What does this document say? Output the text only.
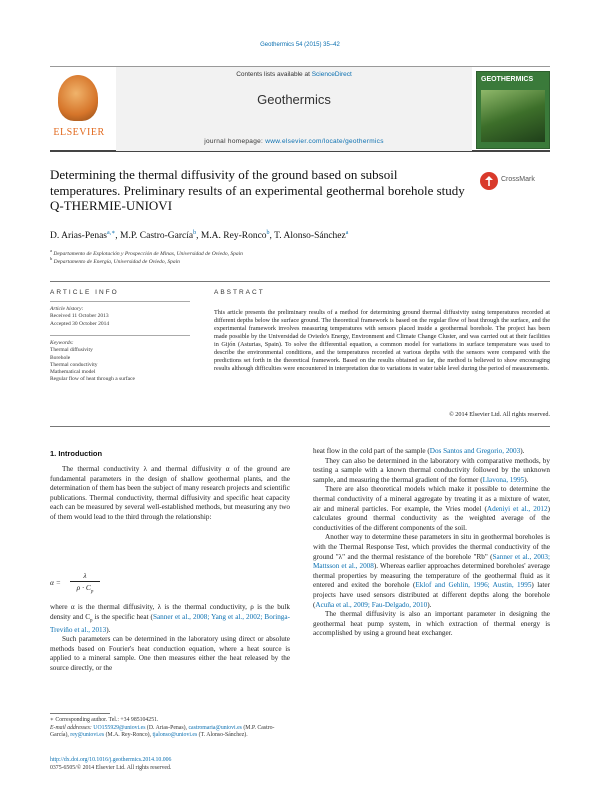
Geothermics 54 (2015) 35–42
ELSEVIER
Contents lists available at ScienceDirect
Geothermics
journal homepage: www.elsevier.com/locate/geothermics
GEOTHERMICS
Determining the thermal diffusivity of the ground based on subsoil temperatures. Preliminary results of an experimental geothermal borehole study Q-THERMIE-UNIOVI
CrossMark
D. Arias-Penas$^{a,∗}$, M.P. Castro-García$^b$, M.A. Rey-Ronco$^b$, T. Alonso-Sánchez$^a$
$^a$ Departamento de Explotación y Prospección de Minas, Universidad de Oviedo, Spain
$^b$ Departamento de Energía, Universidad de Oviedo, Spain
ARTICLE INFO	ABSTRACT
Article history:
Received 11 October 2013
Accepted 30 October 2014
Keywords:
Thermal diffusivity
Borehole
Thermal conductivity
Mathematical model
Regular flow of heat through a surface
This article presents the preliminary results of a method for determining ground thermal diffusivity using temperatures recorded at different depths below the surface ground. The theoretical framework is based on the regular flow of heat through the surface, and the experimental framework involves measuring temperatures with sensors placed inside a geothermal borehole. The project has been made possible by the Universidad de Oviedo's Energy, Environment and Climate Change Cluster, and was carried out at their facilities in Gijón (Asturias, Spain). To solve the differential equation, a common model for variations in surface temperature was used to describe the environmental conditions, and the temperatures recorded at various depths with the sensors were compared with the predictions set forth in the theoretical framework. Based on the results obtained so far, the method is believed to show encouraging results although difficulties were encountered in interpretation due to variations in water table level during the period of measurements.
© 2014 Elsevier Ltd. All rights reserved.
1. Introduction

The thermal conductivity λ and thermal diffusivity α of the ground are fundamental parameters in the design of shallow geothermal plants, and the determination of them has been the subject of many research projects and scientific publications. Thermal conductivity, thermal diffusivity and specific heat capacity each can be measured by several well-established methods, but measuring any two of them would lead to the third through the relationship:

α =
λ
$\rho \cdot C_p$

where α is the thermal diffusivity, λ is the thermal conductivity, ρ is the bulk density and $C_p$ is the specific heat (Sanner et al., 2008; Yang et al., 2002; Boringa-Treviño et al., 2013).

Such parameters can be determined in the laboratory using direct or absolute methods based on Fourier's heat conduction equation, where a heat source is applied to a mineral sample. One then measures either the heat released by the source directly, or the

heat flow in the cold part of the sample (Dos Santos and Gregorio, 2003).

They can also be determined in the laboratory with comparative methods, by testing a sample with a known thermal conductivity followed by the unknown sample, and measuring the thermal gradient of the former (Llavona, 1995).

There are also theoretical models which make it possible to determine the thermal conductivity of a mineral aggregate by treating it as a mixture of water, air and mineral particles. For example, the Vries model (Adeniyi et al., 2012) calculates ground thermal conductivity as the weighted average of the conductivities of the different components of the soil.

Another way to determine these parameters in situ in geothermal boreholes is with the Thermal Response Test, which provides the thermal conductivity of the ground "λ" and the thermal resistance of the borehole "Rb" (Sanner et al., 2003; Mattsson et al., 2008). Whereas earlier approaches determined boreholes' average thermal properties by measuring the temperature of the geothermal fluid as it entered and exited the borehole (Eklof and Gehlin, 1996; Austin, 1995) later projects have used sensors distributed at different depths along the borehole (Acuña et al., 2009; Fau-Delgado, 2010).

The thermal diffusivity is also an important parameter in designing the geothermal heat pump system, in which extraction of thermal energy is accomplished by using a ground heat exchanger.

∗ Corresponding author. Tel.: +34 985104251.
E-mail addresses: UO155929@uniovi.es (D. Arias-Penas), castromaria@uniovi.es (M.P. Castro-García), rey@uniovi.es (M.A. Rey-Ronco), tjalonso@uniovi.es (T. Alonso-Sánchez).
http://dx.doi.org/10.1016/j.geothermics.2014.10.006
0375-6505/© 2014 Elsevier Ltd. All rights reserved.
